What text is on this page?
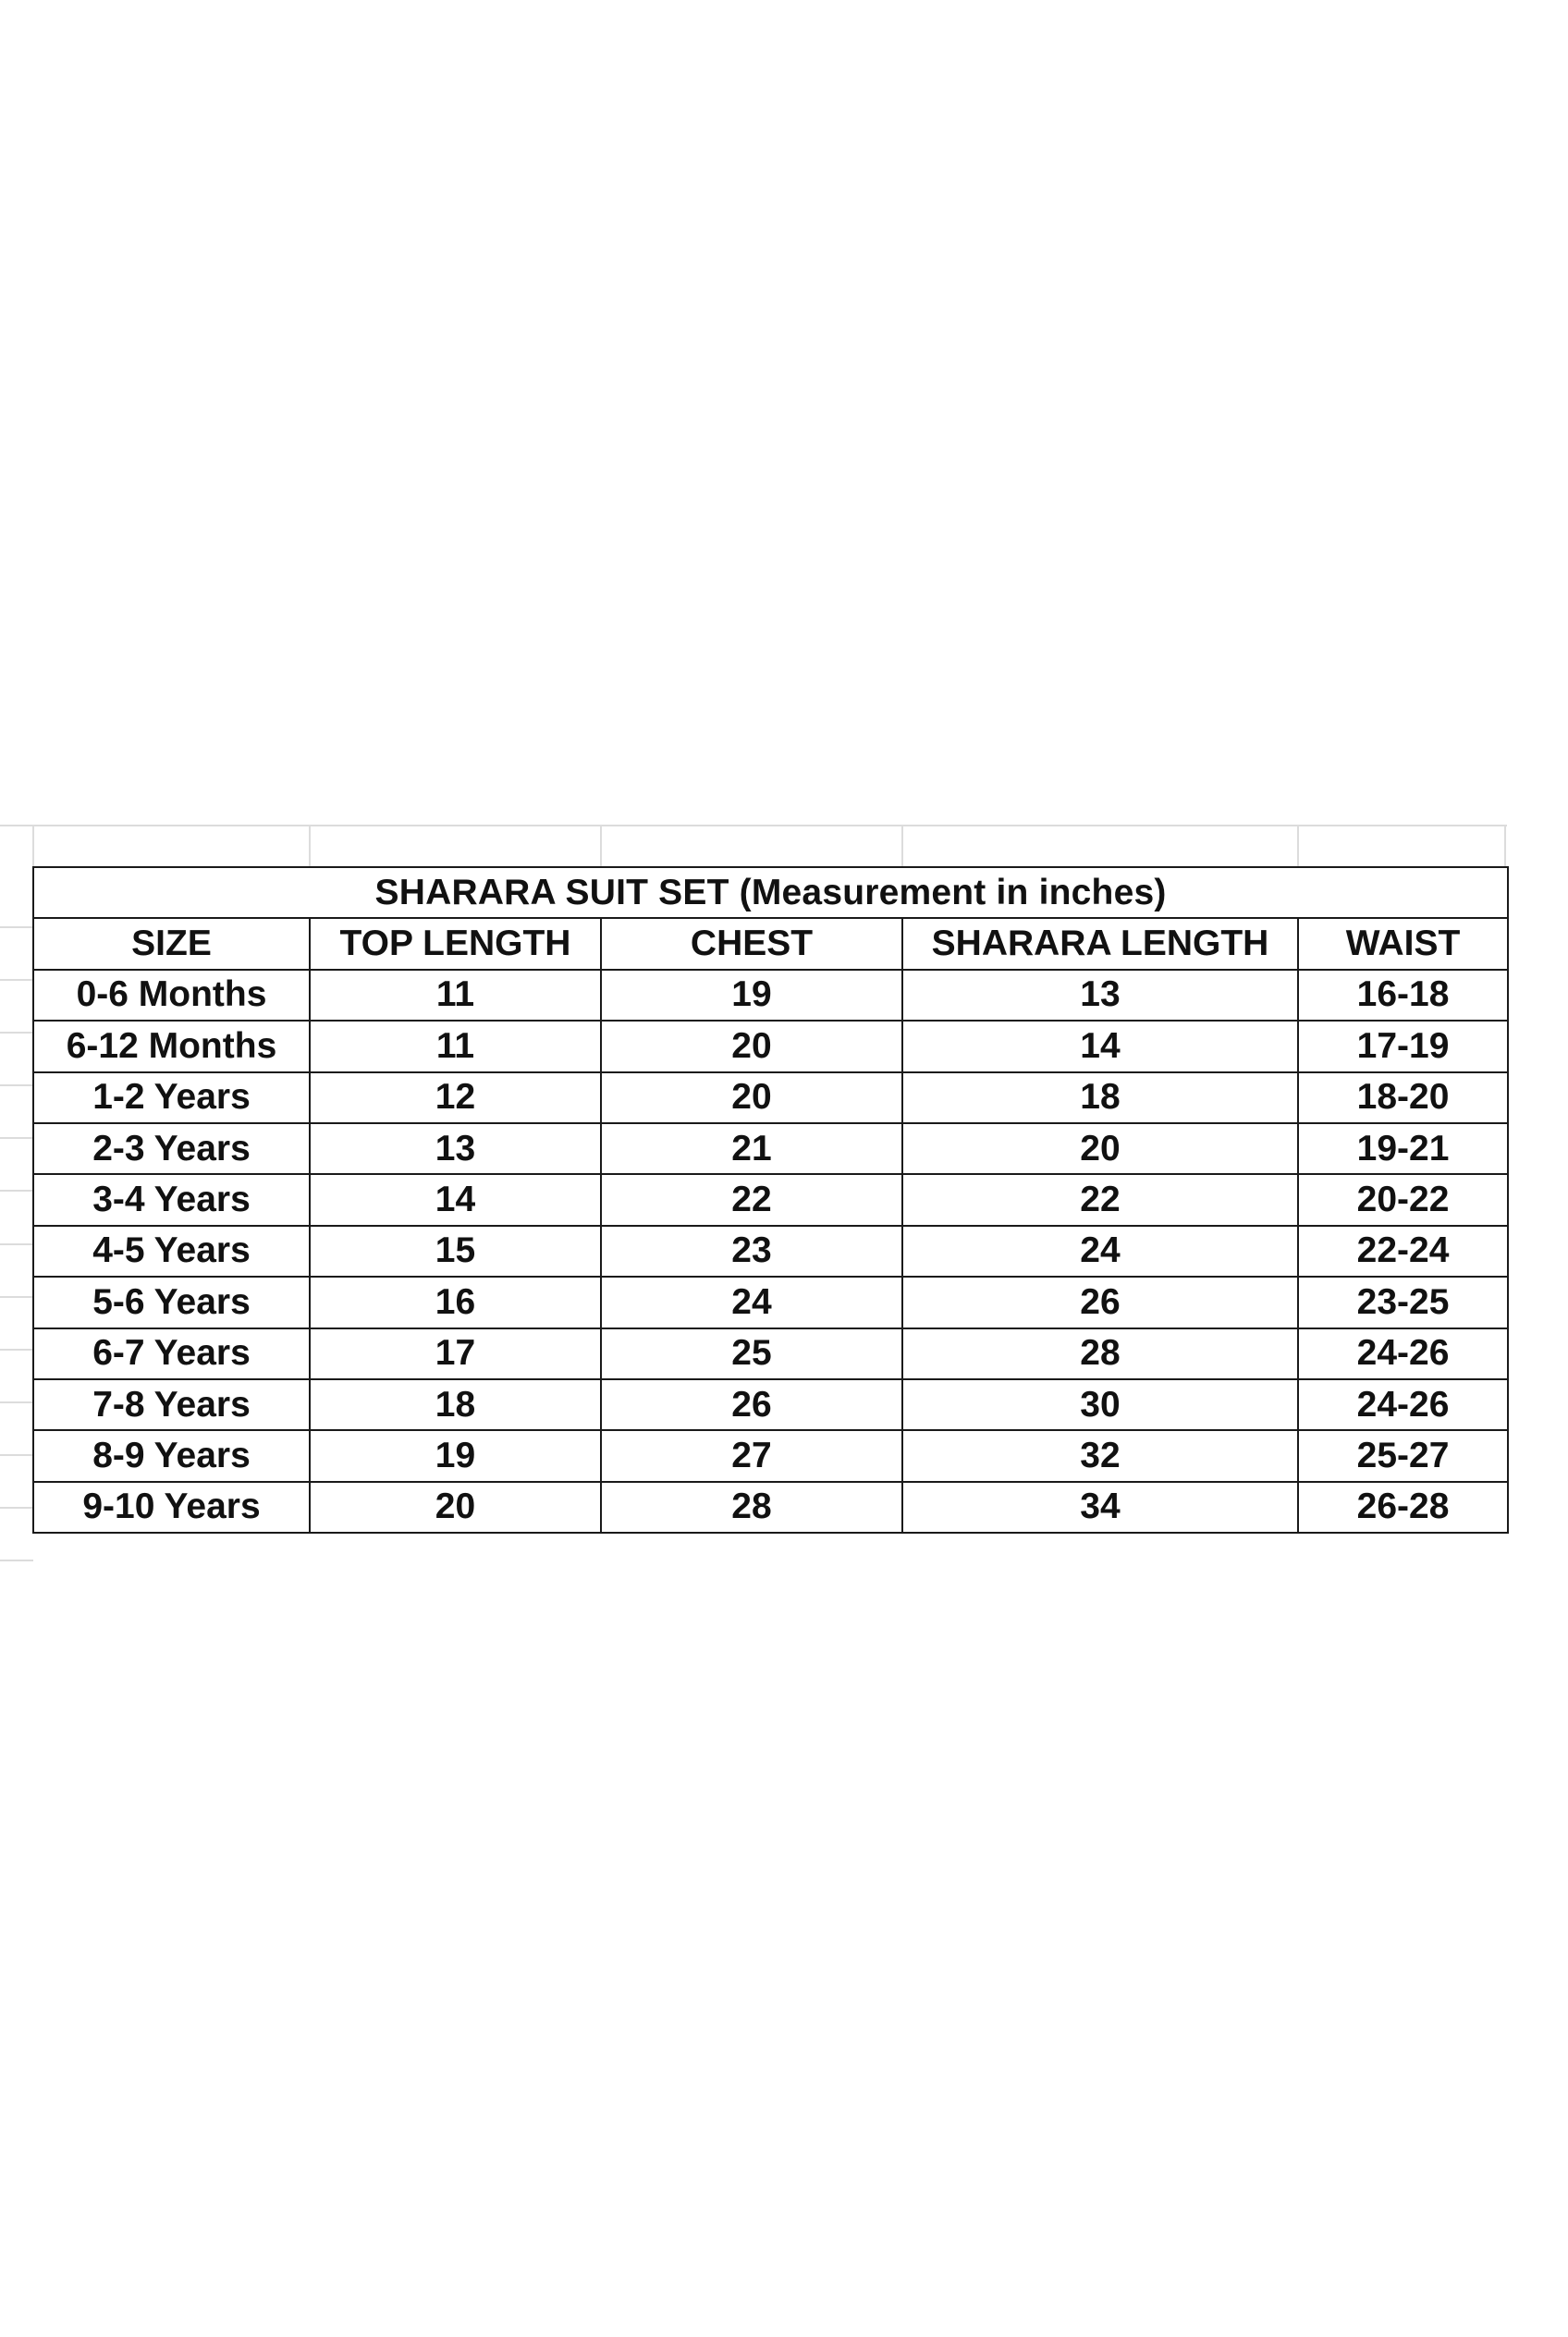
SHARARA SUIT SET (Measurement in inches)				
SIZE	TOP LENGTH	CHEST	SHARARA LENGTH	WAIST
0-6 Months	11	19	13	16-18
6-12 Months	11	20	14	17-19
1-2 Years	12	20	18	18-20
2-3 Years	13	21	20	19-21
3-4 Years	14	22	22	20-22
4-5 Years	15	23	24	22-24
5-6 Years	16	24	26	23-25
6-7 Years	17	25	28	24-26
7-8 Years	18	26	30	24-26
8-9 Years	19	27	32	25-27
9-10 Years	20	28	34	26-28
